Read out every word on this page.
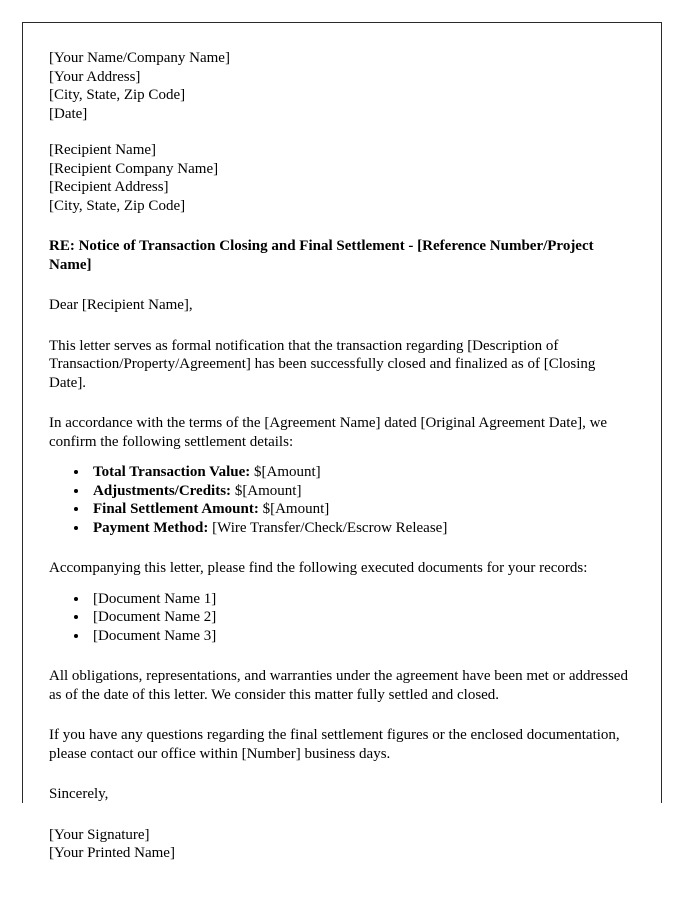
[Your Name/Company Name]
[Your Address]
[City, State, Zip Code]
[Date]
[Recipient Name]
[Recipient Company Name]
[Recipient Address]
[City, State, Zip Code]
RE: Notice of Transaction Closing and Final Settlement - [Reference Number/Project Name]
Dear [Recipient Name],
This letter serves as formal notification that the transaction regarding [Description of Transaction/Property/Agreement] has been successfully closed and finalized as of [Closing Date].
In accordance with the terms of the [Agreement Name] dated [Original Agreement Date], we confirm the following settlement details:
• Total Transaction Value: $[Amount]
• Adjustments/Credits: $[Amount]
• Final Settlement Amount: $[Amount]
• Payment Method: [Wire Transfer/Check/Escrow Release]
Accompanying this letter, please find the following executed documents for your records:
• [Document Name 1]
• [Document Name 2]
• [Document Name 3]
All obligations, representations, and warranties under the agreement have been met or addressed as of the date of this letter. We consider this matter fully settled and closed.
If you have any questions regarding the final settlement figures or the enclosed documentation, please contact our office within [Number] business days.
Sincerely,
[Your Signature]
[Your Printed Name]
